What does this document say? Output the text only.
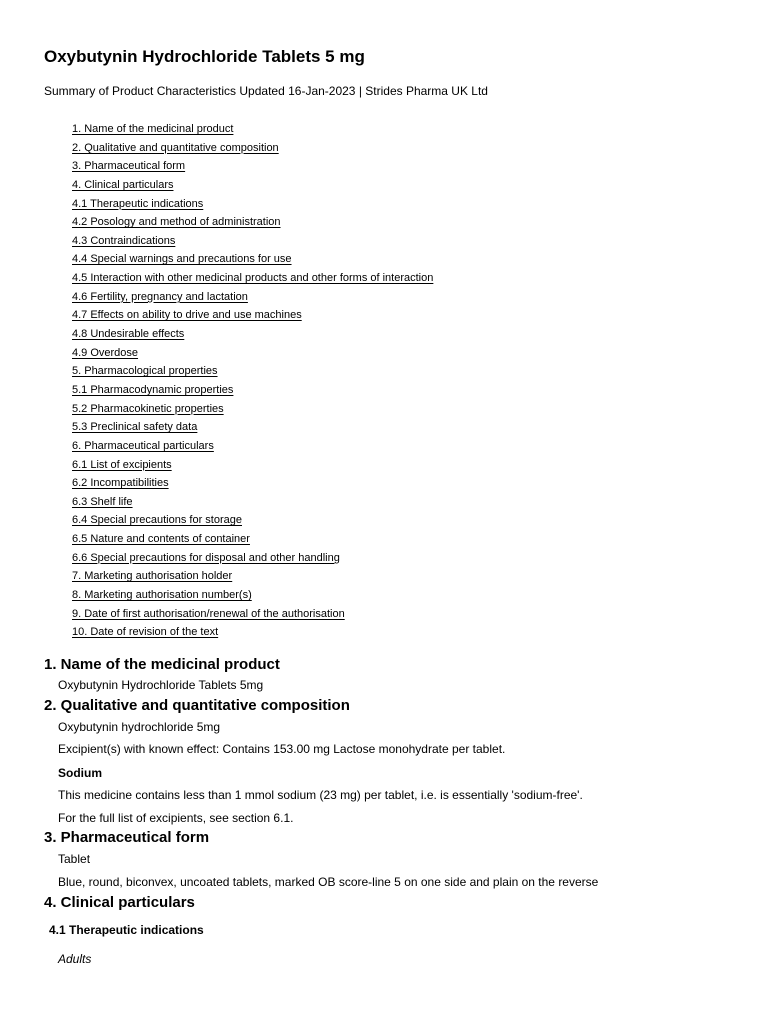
Oxybutynin Hydrochloride Tablets 5 mg

Summary of Product Characteristics Updated 16-Jan-2023 | Strides Pharma UK Ltd

1. Name of the medicinal product
2. Qualitative and quantitative composition
3. Pharmaceutical form
4. Clinical particulars
4.1 Therapeutic indications
4.2 Posology and method of administration
4.3 Contraindications
4.4 Special warnings and precautions for use
4.5 Interaction with other medicinal products and other forms of interaction
4.6 Fertility, pregnancy and lactation
4.7 Effects on ability to drive and use machines
4.8 Undesirable effects
4.9 Overdose
5. Pharmacological properties
5.1 Pharmacodynamic properties
5.2 Pharmacokinetic properties
5.3 Preclinical safety data
6. Pharmaceutical particulars
6.1 List of excipients
6.2 Incompatibilities
6.3 Shelf life
6.4 Special precautions for storage
6.5 Nature and contents of container
6.6 Special precautions for disposal and other handling
7. Marketing authorisation holder
8. Marketing authorisation number(s)
9. Date of first authorisation/renewal of the authorisation
10. Date of revision of the text
1. Name of the medicinal product

Oxybutynin Hydrochloride Tablets 5mg

2. Qualitative and quantitative composition

Oxybutynin hydrochloride 5mg

Excipient(s) with known effect: Contains 153.00 mg Lactose monohydrate per tablet.

Sodium

This medicine contains less than 1 mmol sodium (23 mg) per tablet, i.e. is essentially 'sodium-free'.

For the full list of excipients, see section 6.1.

3. Pharmaceutical form

Tablet

Blue, round, biconvex, uncoated tablets, marked OB score-line 5 on one side and plain on the reverse

4. Clinical particulars
4.1 Therapeutic indications

Adults
